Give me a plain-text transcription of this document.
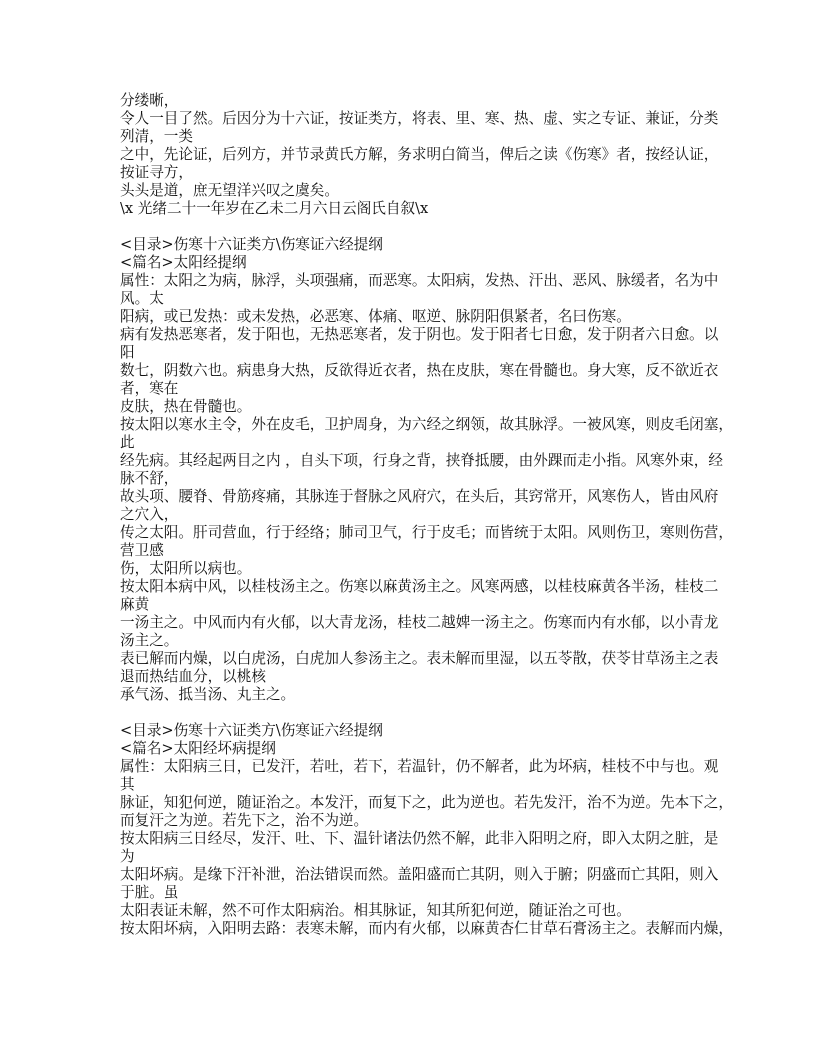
分缕晰，
令人一目了然。后因分为十六证，按证类方，将表、里、寒、热、虚、实之专证、兼证，分类
列清，一类
之中，先论证，后列方，并节录黄氏方解，务求明白简当，俾后之读《伤寒》者，按经认证，
按证寻方，
头头是道，庶无望洋兴叹之虞矣。
\x 光绪二十一年岁在乙未二月六日云阁氏自叙\x
<目录>伤寒十六证类方\伤寒证六经提纲
<篇名>太阳经提纲
属性：太阳之为病，脉浮，头项强痛，而恶寒。太阳病，发热、汗出、恶风、脉缓者，名为中
风。太
阳病，或已发热：或未发热，必恶寒、体痛、呕逆、脉阴阳俱紧者，名曰伤寒。
病有发热恶寒者，发于阳也，无热恶寒者，发于阴也。发于阳者七日愈，发于阴者六日愈。以
阳
数七，阴数六也。病患身大热，反欲得近衣者，热在皮肤，寒在骨髓也。身大寒，反不欲近衣
者，寒在
皮肤，热在骨髓也。
按太阳以寒水主令，外在皮毛，卫护周身，为六经之纲领，故其脉浮。一被风寒，则皮毛闭塞，
此
经先病。其经起两目之内 ，自头下项，行身之背，挟脊抵腰，由外踝而走小指。风寒外束，经
脉不舒，
故头项、腰脊、骨筋疼痛，其脉连于督脉之风府穴，在头后，其窍常开，风寒伤人，皆由风府
之穴入，
传之太阳。肝司营血，行于经络；肺司卫气，行于皮毛；而皆统于太阳。风则伤卫，寒则伤营，
营卫感
伤，太阳所以病也。
按太阳本病中风，以桂枝汤主之。伤寒以麻黄汤主之。风寒两感，以桂枝麻黄各半汤，桂枝二
麻黄
一汤主之。中风而内有火郁，以大青龙汤，桂枝二越婢一汤主之。伤寒而内有水郁，以小青龙
汤主之。
表已解而内燥，以白虎汤，白虎加人参汤主之。表未解而里湿，以五苓散，茯苓甘草汤主之表
退而热结血分，以桃核
承气汤、抵当汤、丸主之。
<目录>伤寒十六证类方\伤寒证六经提纲
<篇名>太阳经坏病提纲
属性：太阳病三日，已发汗，若吐，若下，若温针，仍不解者，此为坏病，桂枝不中与也。观
其
脉证，知犯何逆，随证治之。本发汗，而复下之，此为逆也。若先发汗，治不为逆。先本下之，
而复汗之为逆。若先下之，治不为逆。
按太阳病三日经尽，发汗、吐、下、温针诸法仍然不解，此非入阳明之府，即入太阴之脏，是
为
太阳坏病。是缘下汗补泄，治法错误而然。盖阳盛而亡其阴，则入于腑；阴盛而亡其阳，则入
于脏。虽
太阳表证未解，然不可作太阳病治。相其脉证，知其所犯何逆，随证治之可也。
按太阳坏病，入阳明去路：表寒未解，而内有火郁，以麻黄杏仁甘草石膏汤主之。表解而内燥，
